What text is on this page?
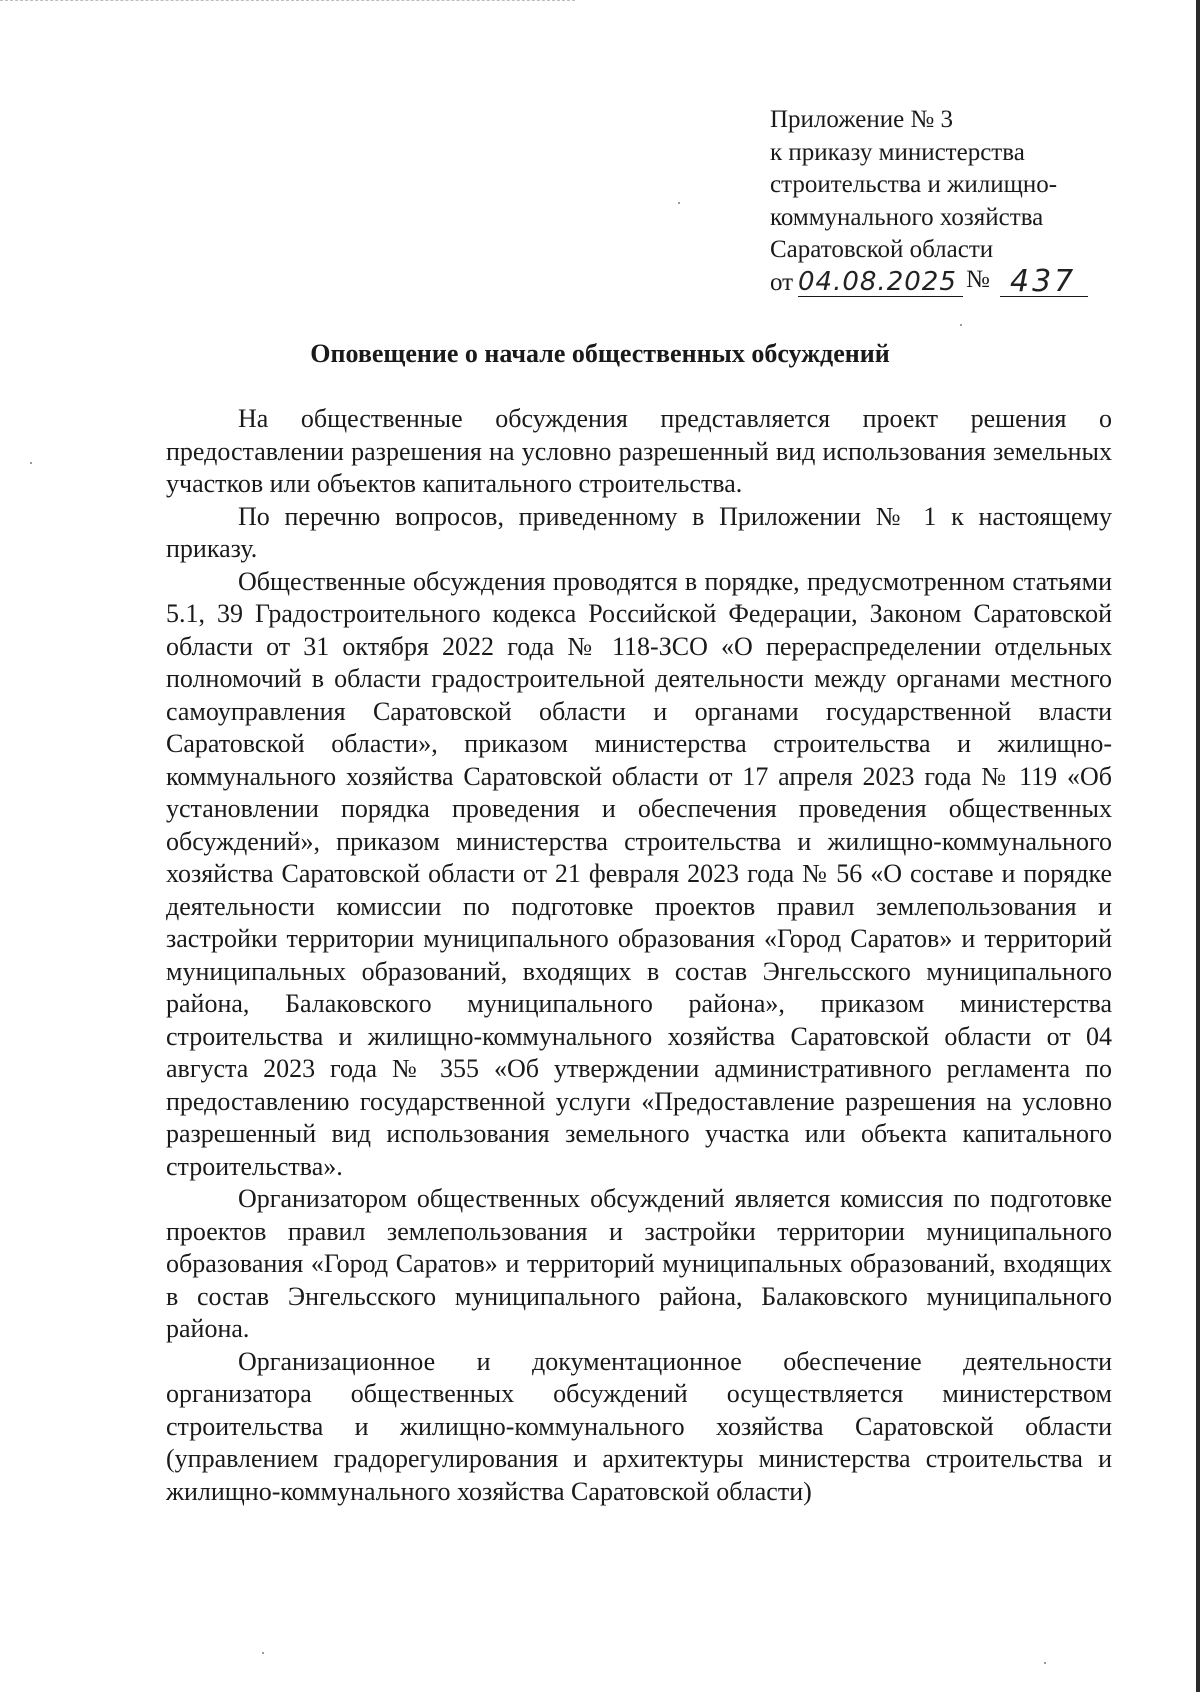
Приложение № 3
к приказу министерства
строительства и жилищно-
коммунального хозяйства
Саратовской области
от 04.08.2025 № 437
Оповещение о начале общественных обсуждений

На общественные обсуждения представляется проект решения о предоставлении разрешения на условно разрешенный вид использования земельных участков или объектов капитального строительства.

По перечню вопросов, приведенному в Приложении № 1 к настоящему приказу.

Общественные обсуждения проводятся в порядке, предусмотренном статьями 5.1, 39 Градостроительного кодекса Российской Федерации, Законом Саратовской области от 31 октября 2022 года № 118-ЗСО «О перераспределении отдельных полномочий в области градостроительной деятельности между органами местного самоуправления Саратовской области и органами государственной власти Саратовской области», приказом министерства строительства и жилищно-коммунального хозяйства Саратовской области от 17 апреля 2023 года № 119 «Об установлении порядка проведения и обеспечения проведения общественных обсуждений», приказом министерства строительства и жилищно-коммунального хозяйства Саратовской области от 21 февраля 2023 года № 56 «О составе и порядке деятельности комиссии по подготовке проектов правил землепользования и застройки территории муниципального образования «Город Саратов» и территорий муниципальных образований, входящих в состав Энгельсского муниципального района, Балаковского муниципального района», приказом министерства строительства и жилищно-коммунального хозяйства Саратовской области от 04 августа 2023 года № 355 «Об утверждении административного регламента по предоставлению государственной услуги «Предоставление разрешения на условно разрешенный вид использования земельного участка или объекта капитального строительства».

Организатором общественных обсуждений является комиссия по подготовке проектов правил землепользования и застройки территории муниципального образования «Город Саратов» и территорий муниципальных образований, входящих в состав Энгельсского муниципального района, Балаковского муниципального района.

Организационное и документационное обеспечение деятельности организатора общественных обсуждений осуществляется министерством строительства и жилищно-коммунального хозяйства Саратовской области (управлением градорегулирования и архитектуры министерства строительства и жилищно-коммунального хозяйства Саратовской области)
